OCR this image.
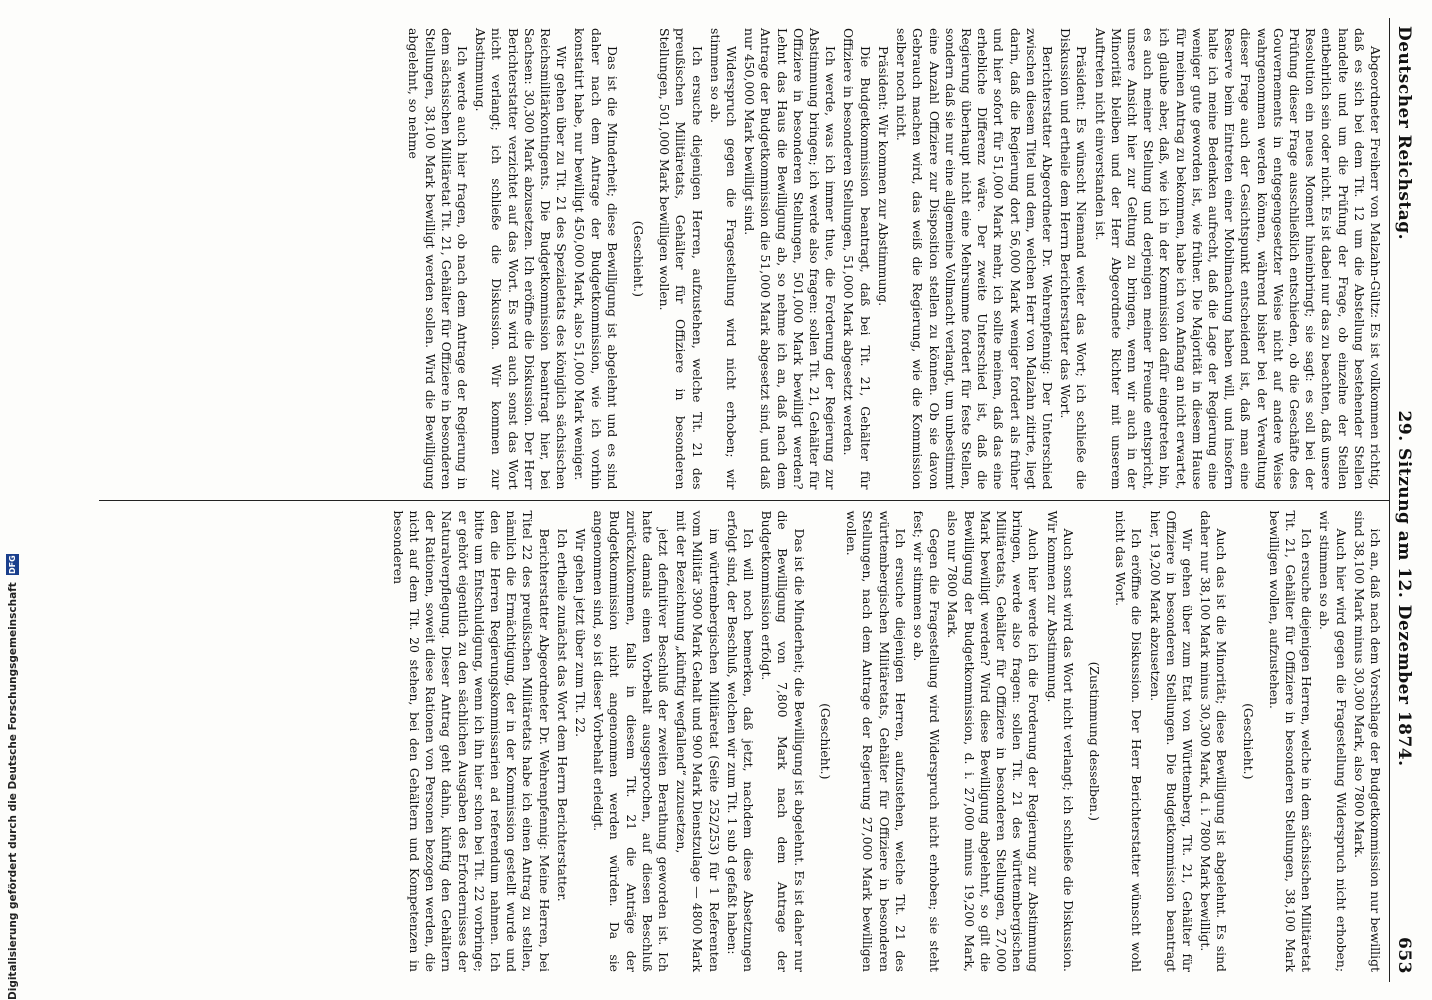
Digitalisierung gefördert durch die Deutsche Forschungsgemeinschaft DFG
Deutscher Reichstag.
29. Sitzung am 12. Dezember 1874.
653

Abgeordneter Freiherr von Malzahn-Gültz: Es ist vollkommen richtig, daß es sich bei dem Tit. 12 um die Abstellung bestehender Stellen handelte und um die Prüfung der Frage, ob einzelne der Stellen entbehrlich sein oder nicht. Es ist dabei nur das zu beachten, daß unsere Resolution ein neues Moment hineinbringt; sie sagt: es soll bei der Prüfung dieser Frage ausschließlich entschieden, ob die Geschäfte des Gouvernements in entgegengesetzter Weise nicht auf andere Weise wahrgenommen werden können, während bisher bei der Verwaltung dieser Frage auch der Gesichtspunkt entscheidend ist, daß man eine Reserve beim Eintreten einer Mobilmachung haben will, und insofern halte ich meine Bedenken aufrecht, daß die Lage der Regierung eine weniger gute geworden ist, wie früher. Die Majorität in diesem Hause für meinen Antrag zu bekommen, habe ich von Anfang an nicht erwartet, ich glaube aber, daß, wie ich in der Kommission dafür eingetreten bin, es auch meiner Stellung und derjenigen meiner Freunde entspricht, unsere Ansicht hier zur Geltung zu bringen, wenn wir auch in der Minorität bleiben und der Herr Abgeordnete Richter mit unserem Auftreten nicht einverstanden ist.

Präsident: Es wünscht Niemand weiter das Wort; ich schließe die Diskussion und ertheile dem Herrn Berichterstatter das Wort.

Berichterstatter Abgeordneter Dr. Wehrenpfennig: Der Unterschied zwischen diesem Titel und dem, welchen Herr von Malzahn zitirte, liegt darin, daß die Regierung dort 56,000 Mark weniger fordert als früher und hier sofort für 51,000 Mark mehr, ich sollte meinen, daß das eine erhebliche Differenz wäre. Der zweite Unterschied ist, daß die Regierung überhaupt nicht eine Mehrsumme fordert für feste Stellen, sondern daß sie nur eine allgemeine Vollmacht verlangt, um unbestimmt eine Anzahl Offiziere zur Disposition stellen zu können. Ob sie davon Gebrauch machen wird, das weiß die Regierung, wie die Kommission selber noch nicht.

Präsident: Wir kommen zur Abstimmung.

Die Budgetkommission beantragt, daß bei Tit. 21, Gehälter für Offiziere in besonderen Stellungen, 51,000 Mark abgesetzt werden.

Ich werde, was ich immer thue, die Forderung der Regierung zur Abstimmung bringen; ich werde also fragen: sollen Tit. 21, Gehälter für Offiziere in besonderen Stellungen, 501,000 Mark bewilligt werden? Lehnt das Haus die Bewilligung ab, so nehme ich an, daß nach dem Antrage der Budgetkommission die 51,000 Mark abgesetzt sind, und daß nur 450,000 Mark bewilligt sind.

Widerspruch gegen die Fragestellung wird nicht erhoben; wir stimmen so ab.

Ich ersuche diejenigen Herren, aufzustehen, welche Tit. 21 des preußischen Militäretats, Gehälter für Offiziere in besonderen Stellungen, 501,000 Mark bewilligen wollen.

(Geschieht.)

Das ist die Minderheit; diese Bewilligung ist abgelehnt und es sind daher nach dem Antrage der Budgetkommission, wie ich vorhin konstatirt habe, nur bewilligt 450,000 Mark, also 51,000 Mark weniger.

Wir gehen über zu Tit. 21 des Spezialetats des königlich sächsischen Reichsmilitärkontingents. Die Budgetkommission beantragt hier, bei Sachsen: 30,300 Mark abzusetzen. Ich eröffne die Diskussion. Der Herr Berichterstatter verzichtet auf das Wort. Es wird auch sonst das Wort nicht verlangt; ich schließe die Diskussion. Wir kommen zur Abstimmung.

Ich werde auch hier fragen, ob nach dem Antrage der Regierung in dem sächsischen Militäretat Tit. 21, Gehälter für Offiziere in besonderen Stellungen, 38,100 Mark bewilligt werden sollen. Wird die Bewilligung abgelehnt, so nehme

ich an, daß nach dem Vorschlage der Budgetkommission nur bewilligt sind 38,100 Mark minus 30,300 Mark, also 7800 Mark.

Auch hier wird gegen die Fragestellung Widerspruch nicht erhoben; wir stimmen so ab.

Ich ersuche diejenigen Herren, welche in dem sächsischen Militäretat Tit. 21, Gehälter für Offiziere in besonderen Stellungen, 38,100 Mark bewilligen wollen, aufzustehen.

(Geschieht.)

Auch das ist die Minorität; diese Bewilligung ist abgelehnt. Es sind daher nur 38,100 Mark minus 30,300 Mark, d. i. 7800 Mark bewilligt.

Wir gehen über zum Etat von Württemberg, Tit. 21, Gehälter für Offiziere in besonderen Stellungen. Die Budgetkommission beantragt hier, 19,200 Mark abzusetzen.

Ich eröffne die Diskussion. Der Herr Berichterstatter wünscht wohl nicht das Wort.

(Zustimmung desselben.)

Auch sonst wird das Wort nicht verlangt; ich schließe die Diskussion. Wir kommen zur Abstimmung.

Auch hier werde ich die Forderung der Regierung zur Abstimmung bringen, werde also fragen: sollen Tit. 21 des württembergischen Militäretats, Gehälter für Offiziere in besonderen Stellungen, 27,000 Mark bewilligt werden? Wird diese Bewilligung abgelehnt, so gilt die Bewilligung der Budgetkommission, d. i. 27,000 minus 19,200 Mark, also nur 7800 Mark.

Gegen die Fragestellung wird Widerspruch nicht erhoben; sie steht fest; wir stimmen so ab.

Ich ersuche diejenigen Herren, aufzustehen, welche Tit. 21 des württembergischen Militäretats, Gehälter für Offiziere in besonderen Stellungen, nach dem Antrage der Regierung 27,000 Mark bewilligen wollen.

(Geschieht.)

Das ist die Minderheit; die Bewilligung ist abgelehnt. Es ist daher nur die Bewilligung von 7,800 Mark nach dem Antrage der Budgetkommission erfolgt.

Ich will noch bemerken, daß jetzt, nachdem diese Absetzungen erfolgt sind, der Beschluß, welchen wir zum Tit. 1 sub d gefaßt haben:

im württembergischen Militäretat (Seite 252/253) für 1 Referenten vom Militär 3900 Mark Gehalt und 900 Mark Dienstzulage — 4800 Mark mit der Bezeichnung „künftig wegfallend“ zuzusetzen,

jetzt definitiver Beschluß der zweiten Berathung geworden ist. Ich hatte damals einen Vorbehalt ausgesprochen, auf diesen Beschluß zurückzukommen, falls in diesem Tit. 21 die Anträge der Budgetkommission nicht angenommen werden würden. Da sie angenommen sind, so ist dieser Vorbehalt erledigt.

Wir gehen jetzt über zum Tit. 22.

Ich ertheile zunächst das Wort dem Herrn Berichterstatter.

Berichterstatter Abgeordneter Dr. Wehrenpfennig: Meine Herren, bei Titel 22 des preußischen Militäretats habe ich einen Antrag zu stellen, nämlich die Ermächtigung, der in der Kommission gestellt wurde und den die Herren Regierungskommissarien ad referendum nahmen. Ich bitte um Entschuldigung, wenn ich ihn hier schon bei Tit. 22 vorbringe; er gehört eigentlich zu den sächlichen Ausgaben des Erfordernisses der Naturalverpflegung. Dieser Antrag geht dahin, künftig den Gehältern der Rationen, soweit diese Rationen von Personen bezogen werden, die nicht auf dem Tit. 20 stehen, bei den Gehältern und Kompetenzen in besonderen
